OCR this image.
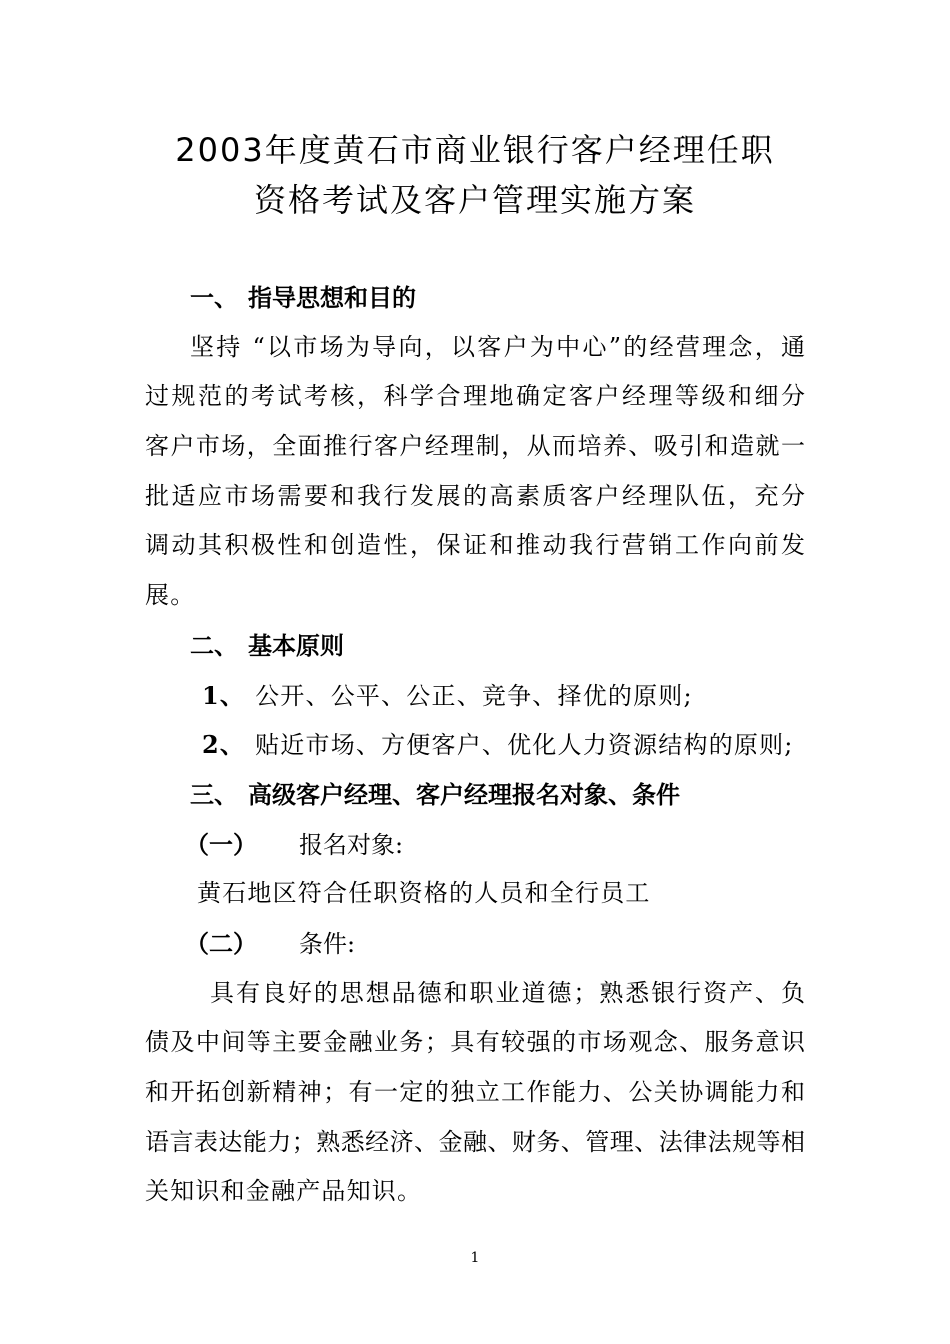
2003年度黄石市商业银行客户经理任职
资格考试及客户管理实施方案
一、 指导思想和目的
坚持 “以市场为导向，以客户为中心”的经营理念，通
过规范的考试考核，科学合理地确定客户经理等级和细分
客户市场，全面推行客户经理制，从而培养、吸引和造就一
批适应市场需要和我行发展的高素质客户经理队伍，充分
调动其积极性和创造性，保证和推动我行营销工作向前发
展。
二、 基本原则
1、 公开、公平、公正、竞争、择优的原则;
2、 贴近市场、方便客户、优化人力资源结构的原则;
三、 高级客户经理、客户经理报名对象、条件
（一） 报名对象:
黄石地区符合任职资格的人员和全行员工
（二） 条件:
具有良好的思想品德和职业道德；熟悉银行资产、负
债及中间等主要金融业务；具有较强的市场观念、服务意识
和开拓创新精神；有一定的独立工作能力、公关协调能力和
语言表达能力；熟悉经济、金融、财务、管理、法律法规等相
关知识和金融产品知识。
1
